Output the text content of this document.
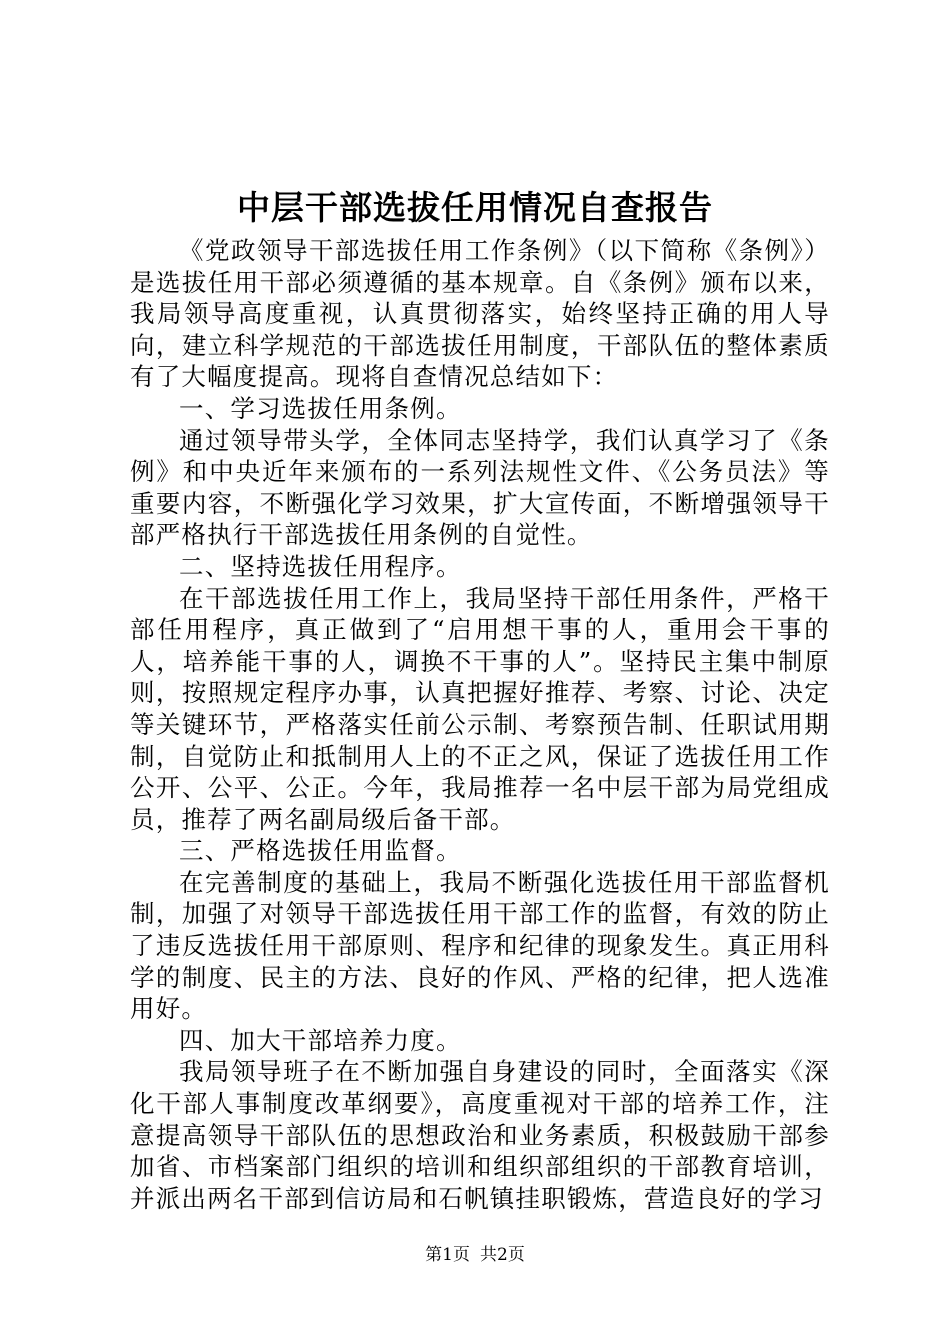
中层干部选拔任用情况自查报告

《党政领导干部选拔任用工作条例》（以下简称《条例》）是选拔任用干部必须遵循的基本规章。自《条例》颁布以来，我局领导高度重视，认真贯彻落实，始终坚持正确的用人导向，建立科学规范的干部选拔任用制度，干部队伍的整体素质有了大幅度提高。现将自查情况总结如下：

一、学习选拔任用条例。

通过领导带头学，全体同志坚持学，我们认真学习了《条例》和中央近年来颁布的一系列法规性文件、《公务员法》等重要内容，不断强化学习效果，扩大宣传面，不断增强领导干部严格执行干部选拔任用条例的自觉性。

二、坚持选拔任用程序。

在干部选拔任用工作上，我局坚持干部任用条件，严格干部任用程序，真正做到了“启用想干事的人，重用会干事的人，培养能干事的人，调换不干事的人”。坚持民主集中制原则，按照规定程序办事，认真把握好推荐、考察、讨论、决定等关键环节，严格落实任前公示制、考察预告制、任职试用期制，自觉防止和抵制用人上的不正之风，保证了选拔任用工作公开、公平、公正。今年，我局推荐一名中层干部为局党组成员，推荐了两名副局级后备干部。

三、严格选拔任用监督。

在完善制度的基础上，我局不断强化选拔任用干部监督机制，加强了对领导干部选拔任用干部工作的监督，有效的防止了违反选拔任用干部原则、程序和纪律的现象发生。真正用科学的制度、民主的方法、良好的作风、严格的纪律，把人选准用好。

四、加大干部培养力度。

我局领导班子在不断加强自身建设的同时，全面落实《深化干部人事制度改革纲要》，高度重视对干部的培养工作，注意提高领导干部队伍的思想政治和业务素质，积极鼓励干部参加省、市档案部门组织的培训和组织部组织的干部教育培训，并派出两名干部到信访局和石帆镇挂职锻炼，营造良好的学习

第1页 共2页
